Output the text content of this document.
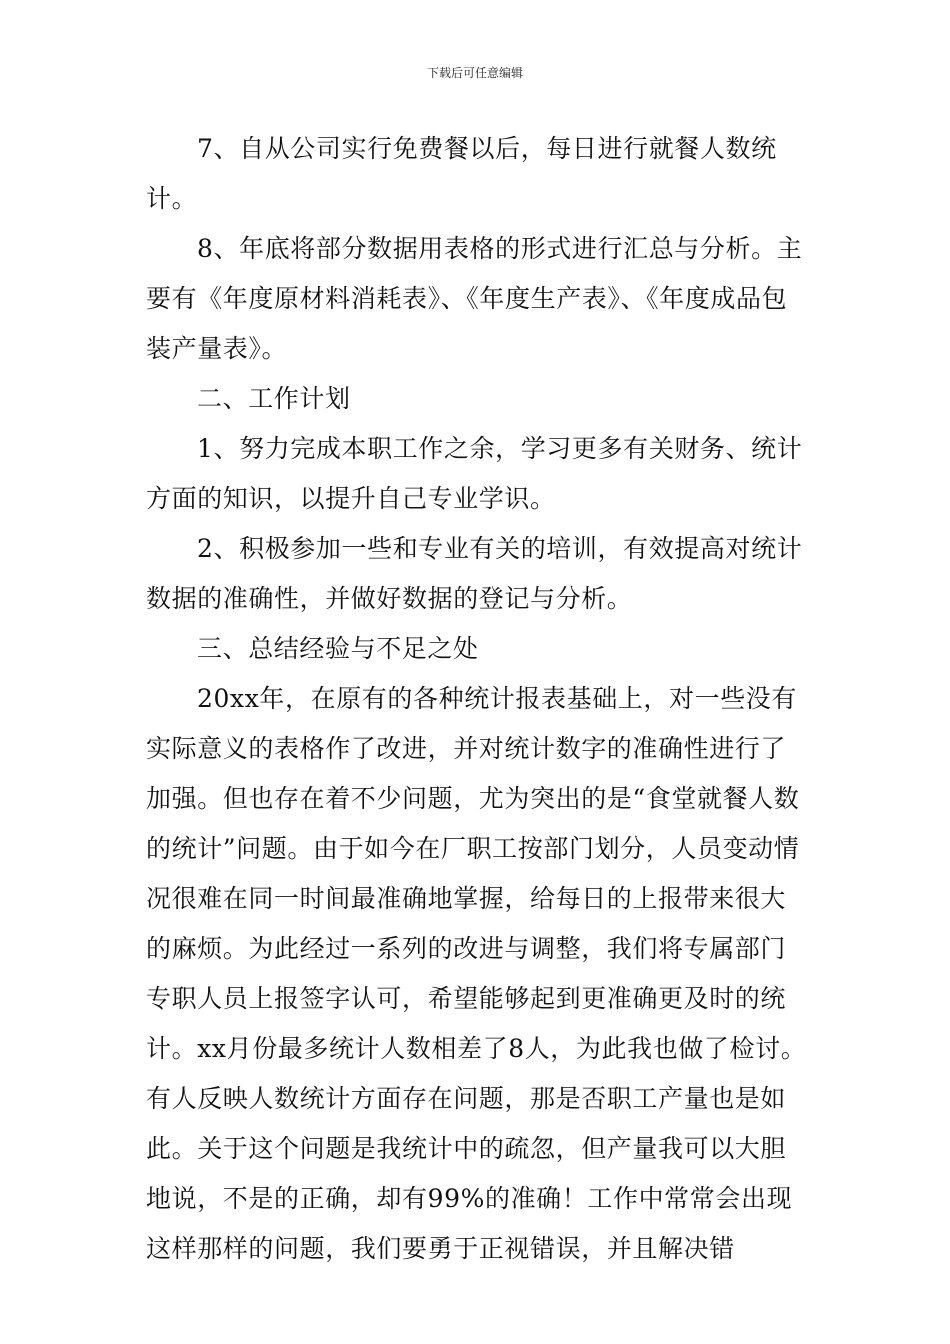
下载后可任意编辑

7、自从公司实行免费餐以后，每日进行就餐人数统计。

8、年底将部分数据用表格的形式进行汇总与分析。主要有《年度原材料消耗表》、《年度生产表》、《年度成品包装产量表》。

二、工作计划

1、努力完成本职工作之余，学习更多有关财务、统计方面的知识，以提升自己专业学识。

2、积极参加一些和专业有关的培训，有效提高对统计数据的准确性，并做好数据的登记与分析。

三、总结经验与不足之处

20xx年，在原有的各种统计报表基础上，对一些没有实际意义的表格作了改进，并对统计数字的准确性进行了加强。但也存在着不少问题，尤为突出的是“食堂就餐人数的统计”问题。由于如今在厂职工按部门划分，人员变动情况很难在同一时间最准确地掌握，给每日的上报带来很大的麻烦。为此经过一系列的改进与调整，我们将专属部门专职人员上报签字认可，希望能够起到更准确更及时的统计。xx月份最多统计人数相差了8人，为此我也做了检讨。有人反映人数统计方面存在问题，那是否职工产量也是如此。关于这个问题是我统计中的疏忽，但产量我可以大胆地说，不是的正确，却有99%的准确！工作中常常会出现这样那样的问题，我们要勇于正视错误，并且解决错
